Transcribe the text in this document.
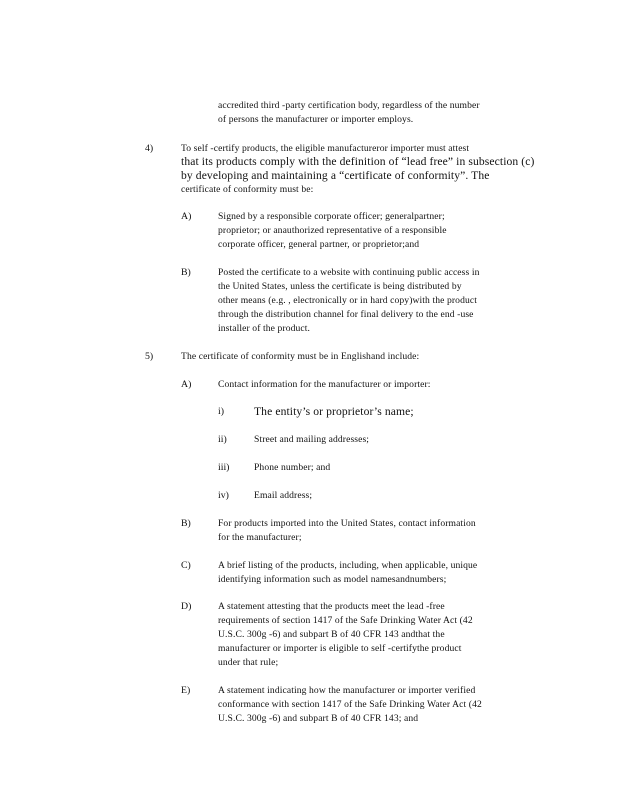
accredited third -party certification body, regardless of the number
of persons the manufacturer or importer employs.
4)	To self -certify products, the eligible manufactureror importer must attest
that its products comply with the definition of “lead free” in subsection (c)
by developing and maintaining a “certificate of conformity”. The
certificate of conformity must be:
A)	Signed by a responsible corporate officer; generalpartner;
proprietor; or anauthorized representative of a responsible
corporate officer, general partner, or proprietor;and
B)	Posted the certificate to a website with continuing public access in
the United States, unless the certificate is being distributed by
other means (e.g. , electronically or in hard copy)with the product
through the distribution channel for final delivery to the end -use
installer of the product.
5)	The certificate of conformity must be in Englishand include:
A)	Contact information for the manufacturer or importer:
i)	The entity’s or proprietor’s name;
ii)	Street and mailing addresses;
iii)	Phone number; and
iv)	Email address;
B)	For products imported into the United States, contact information
for the manufacturer;
C)	A brief listing of the products, including, when applicable, unique
identifying information such as model namesandnumbers;
D)	A statement attesting that the products meet the lead -free
requirements of section 1417 of the Safe Drinking Water Act (42
U.S.C. 300g -6) and subpart B of 40 CFR 143 andthat the
manufacturer or importer is eligible to self -certifythe product
under that rule;
E)	A statement indicating how the manufacturer or importer verified
conformance with section 1417 of the Safe Drinking Water Act (42
U.S.C. 300g -6) and subpart B of 40 CFR 143; and
